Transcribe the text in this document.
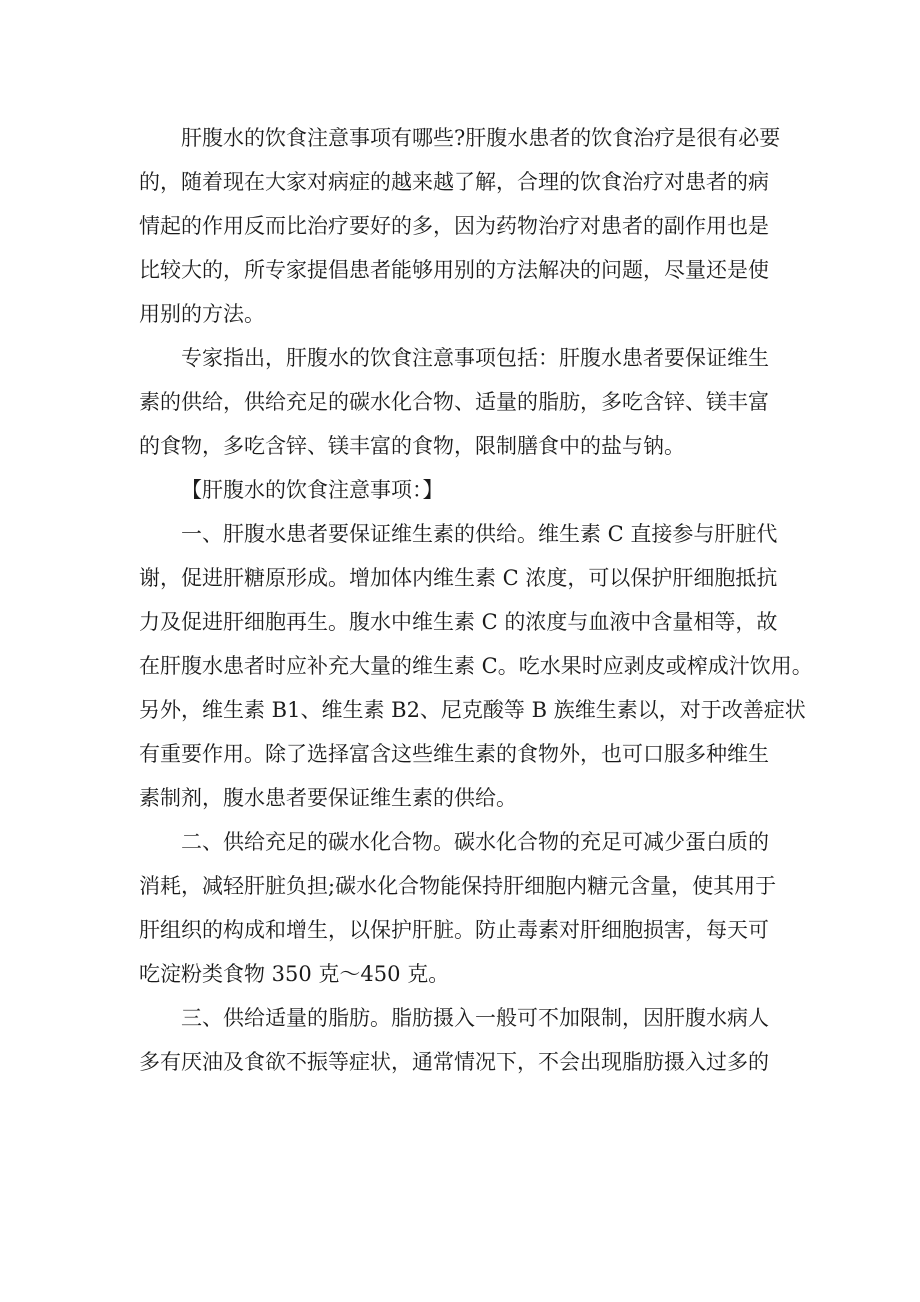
肝腹水的饮食注意事项有哪些?肝腹水患者的饮食治疗是很有必要
的，随着现在大家对病症的越来越了解，合理的饮食治疗对患者的病
情起的作用反而比治疗要好的多，因为药物治疗对患者的副作用也是
比较大的，所专家提倡患者能够用别的方法解决的问题，尽量还是使
用别的方法。
专家指出，肝腹水的饮食注意事项包括：肝腹水患者要保证维生
素的供给，供给充足的碳水化合物、适量的脂肪，多吃含锌、镁丰富
的食物，多吃含锌、镁丰富的食物，限制膳食中的盐与钠。
【肝腹水的饮食注意事项：】
一、肝腹水患者要保证维生素的供给。维生素 C 直接参与肝脏代
谢，促进肝糖原形成。增加体内维生素 C 浓度，可以保护肝细胞抵抗
力及促进肝细胞再生。腹水中维生素 C 的浓度与血液中含量相等，故
在肝腹水患者时应补充大量的维生素 C。吃水果时应剥皮或榨成汁饮用。
另外，维生素 B1、维生素 B2、尼克酸等 B 族维生素以，对于改善症状
有重要作用。除了选择富含这些维生素的食物外，也可口服多种维生
素制剂，腹水患者要保证维生素的供给。
二、供给充足的碳水化合物。碳水化合物的充足可减少蛋白质的
消耗，减轻肝脏负担;碳水化合物能保持肝细胞内糖元含量，使其用于
肝组织的构成和增生，以保护肝脏。防止毒素对肝细胞损害，每天可
吃淀粉类食物 350 克～450 克。
三、供给适量的脂肪。脂肪摄入一般可不加限制，因肝腹水病人
多有厌油及食欲不振等症状，通常情况下，不会出现脂肪摄入过多的
